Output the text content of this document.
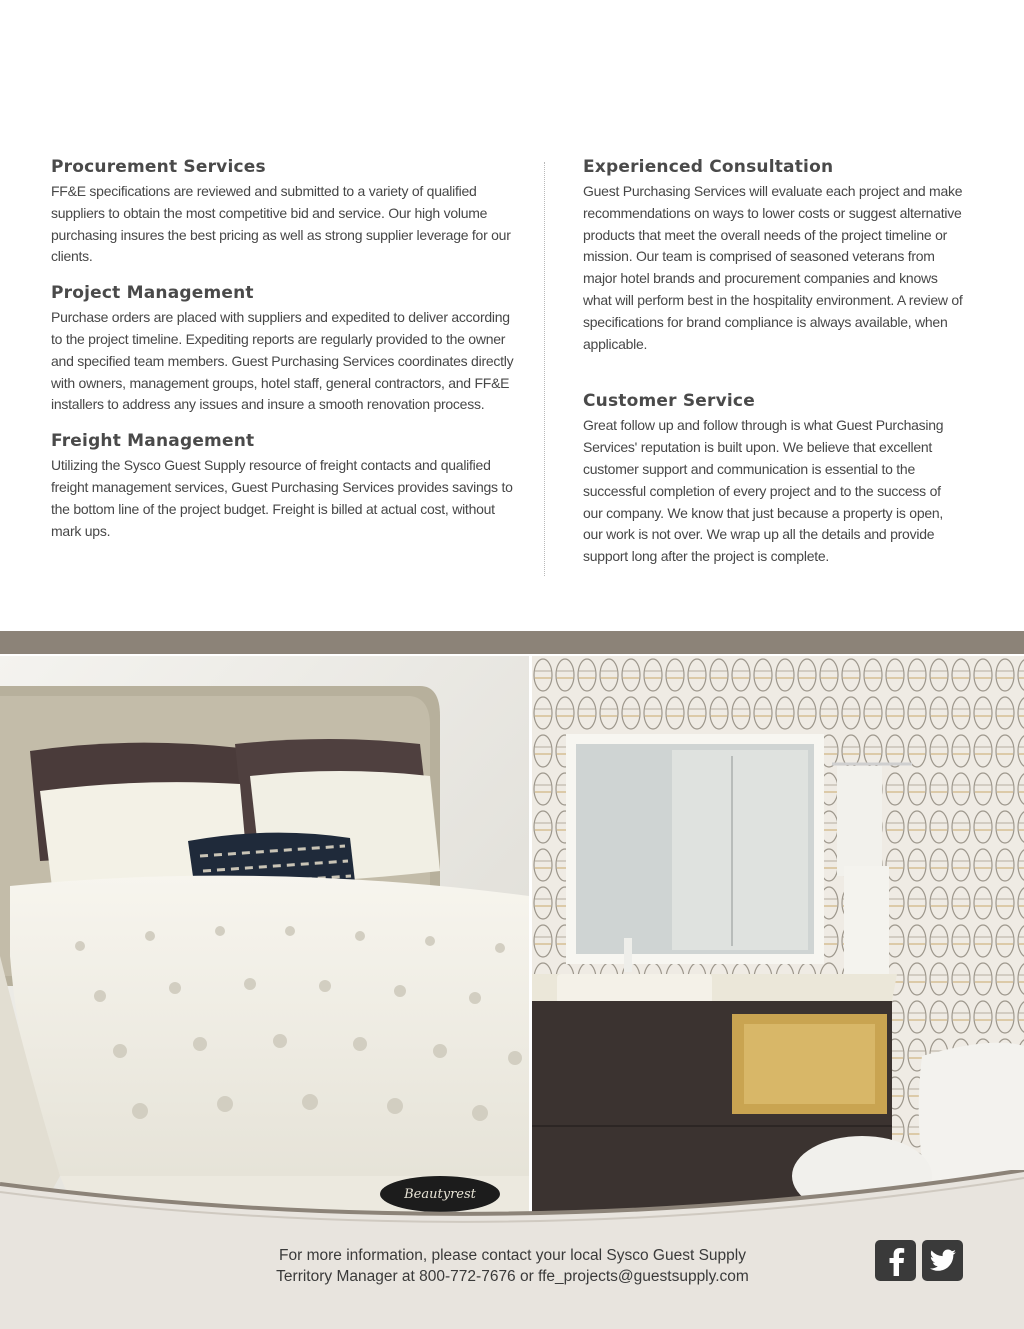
Procurement Services

FF&E specifications are reviewed and submitted to a variety of qualified suppliers to obtain the most competitive bid and service. Our high volume purchasing insures the best pricing as well as strong supplier leverage for our clients.

Project Management

Purchase orders are placed with suppliers and expedited to deliver according to the project timeline. Expediting reports are regularly provided to the owner and specified team members. Guest Purchasing Services coordinates directly with owners, management groups, hotel staff, general contractors, and FF&E installers to address any issues and insure a smooth renovation process.

Freight Management

Utilizing the Sysco Guest Supply resource of freight contacts and qualified freight management services, Guest Purchasing Services provides savings to the bottom line of the project budget. Freight is billed at actual cost, without mark ups.

Experienced Consultation

Guest Purchasing Services will evaluate each project and make recommendations on ways to lower costs or suggest alternative products that meet the overall needs of the project timeline or mission. Our team is comprised of seasoned veterans from major hotel brands and procurement companies and knows what will perform best in the hospitality environment. A review of specifications for brand compliance is always available, when applicable.

Customer Service

Great follow up and follow through is what Guest Purchasing Services' reputation is built upon. We believe that excellent customer support and communication is essential to the successful completion of every project and to the success of our company. We know that just because a property is open, our work is not over. We wrap up all the details and provide support long after the project is complete.

Beautyrest
For more information, please contact your local Sysco Guest Supply
Territory Manager at 800-772-7676 or ffe_projects@guestsupply.com
